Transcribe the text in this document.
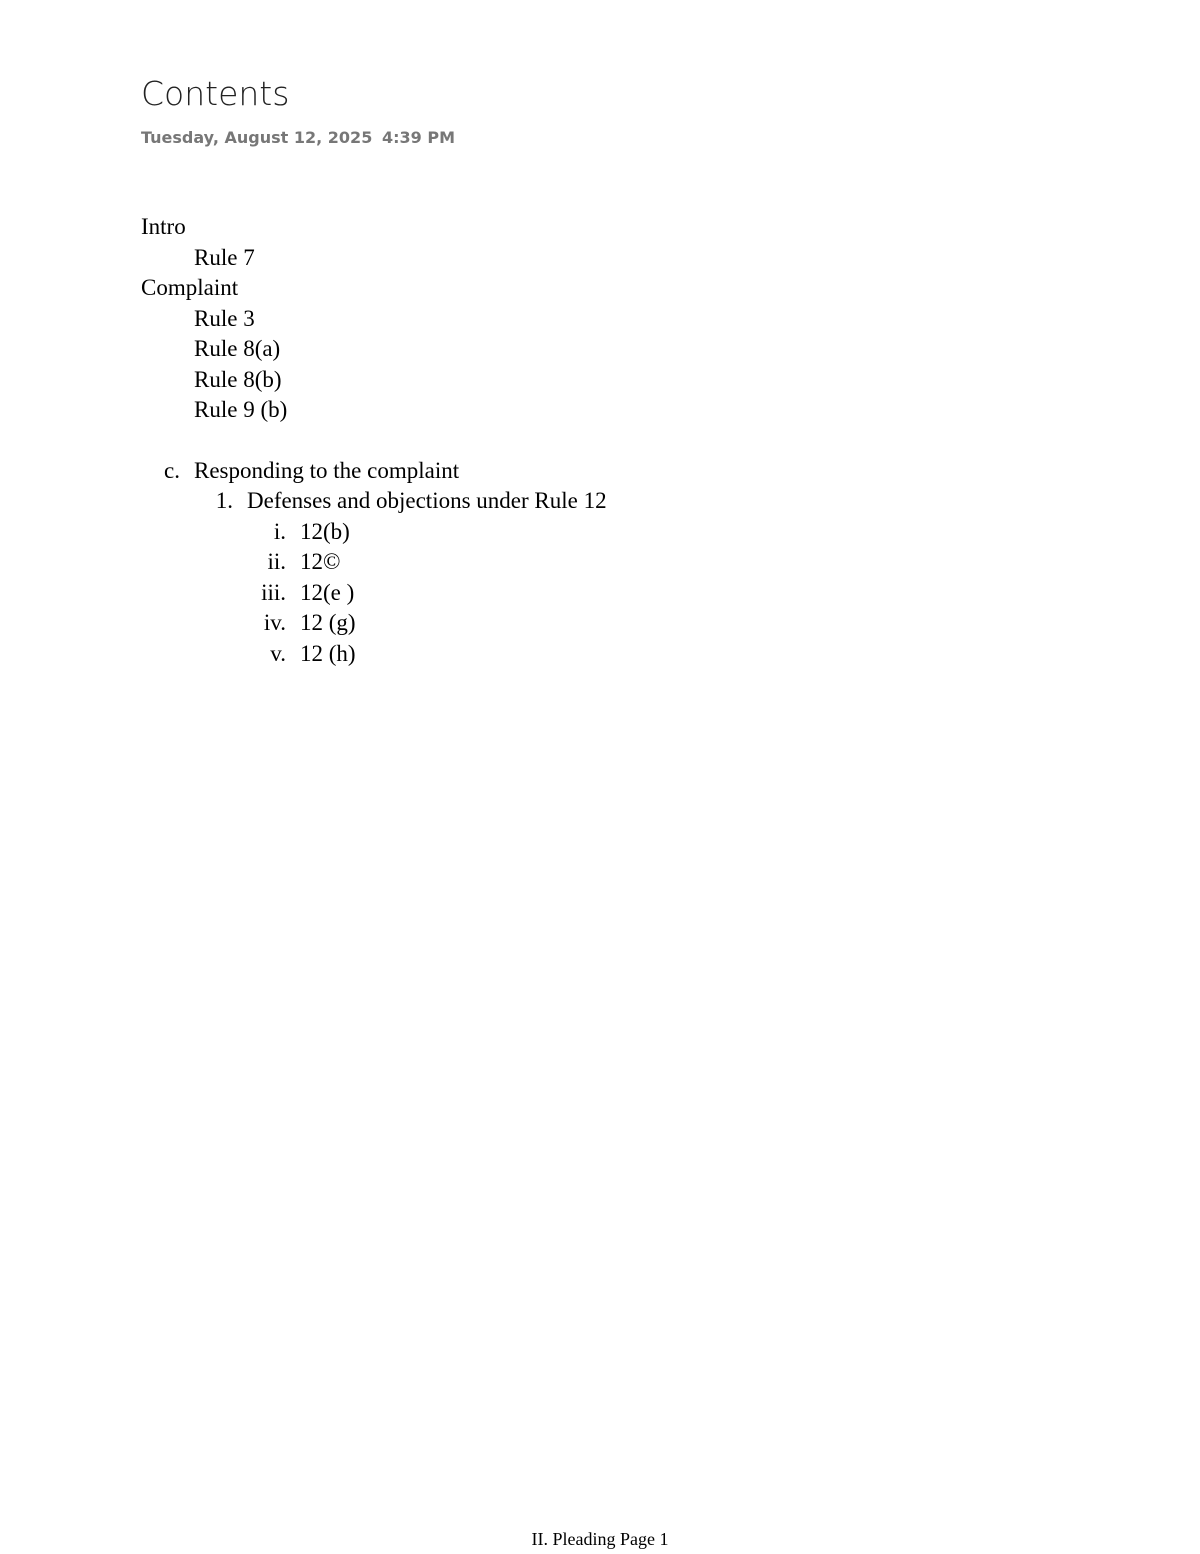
Contents
Tuesday, August 12, 2025 4:39 PM
Intro
Rule 7
Complaint
Rule 3
Rule 8(a)
Rule 8(b)
Rule 9 (b)
c. Responding to the complaint
1. Defenses and objections under Rule 12
i. 12(b)
ii. 12©
iii. 12(e )
iv. 12 (g)
v. 12 (h)
II. Pleading Page 1
